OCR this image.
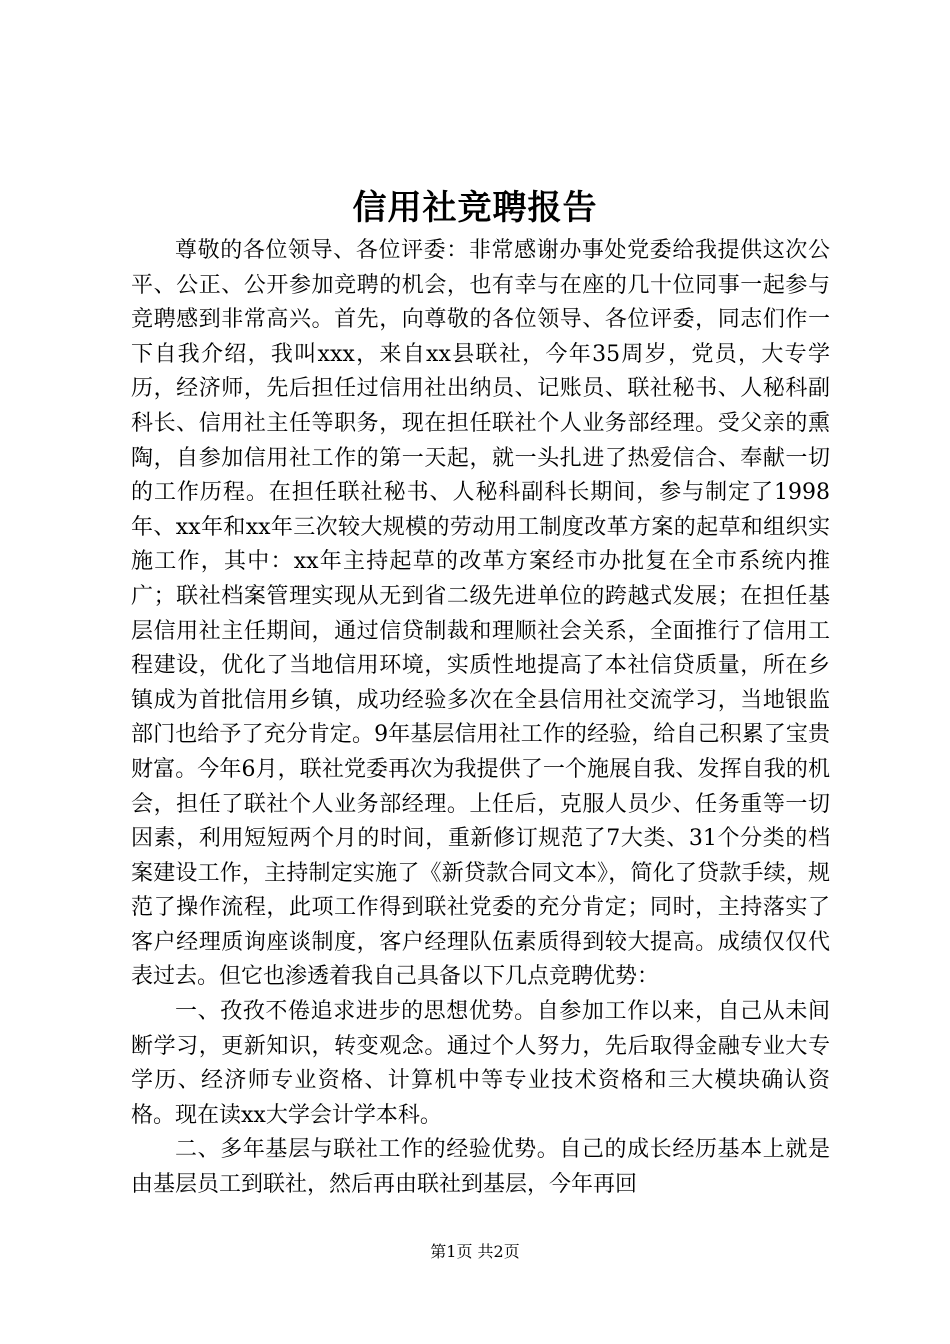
信用社竞聘报告

尊敬的各位领导、各位评委：非常感谢办事处党委给我提供这次公平、公正、公开参加竞聘的机会，也有幸与在座的几十位同事一起参与竞聘感到非常高兴。首先，向尊敬的各位领导、各位评委，同志们作一下自我介绍，我叫xxx，来自xx县联社，今年35周岁，党员，大专学历，经济师，先后担任过信用社出纳员、记账员、联社秘书、人秘科副科长、信用社主任等职务，现在担任联社个人业务部经理。受父亲的熏陶，自参加信用社工作的第一天起，就一头扎进了热爱信合、奉献一切的工作历程。在担任联社秘书、人秘科副科长期间，参与制定了1998年、xx年和xx年三次较大规模的劳动用工制度改革方案的起草和组织实施工作，其中：xx年主持起草的改革方案经市办批复在全市系统内推广；联社档案管理实现从无到省二级先进单位的跨越式发展；在担任基层信用社主任期间，通过信贷制裁和理顺社会关系，全面推行了信用工程建设，优化了当地信用环境，实质性地提高了本社信贷质量，所在乡镇成为首批信用乡镇，成功经验多次在全县信用社交流学习，当地银监部门也给予了充分肯定。9年基层信用社工作的经验，给自己积累了宝贵财富。今年6月，联社党委再次为我提供了一个施展自我、发挥自我的机会，担任了联社个人业务部经理。上任后，克服人员少、任务重等一切因素，利用短短两个月的时间，重新修订规范了7大类、31个分类的档案建设工作，主持制定实施了《新贷款合同文本》，简化了贷款手续，规范了操作流程，此项工作得到联社党委的充分肯定；同时，主持落实了客户经理质询座谈制度，客户经理队伍素质得到较大提高。成绩仅仅代表过去。但它也渗透着我自己具备以下几点竞聘优势：

一、孜孜不倦追求进步的思想优势。自参加工作以来，自己从未间断学习，更新知识，转变观念。通过个人努力，先后取得金融专业大专学历、经济师专业资格、计算机中等专业技术资格和三大模块确认资格。现在读xx大学会计学本科。

二、多年基层与联社工作的经验优势。自己的成长经历基本上就是由基层员工到联社，然后再由联社到基层，今年再回

第1页 共2页
